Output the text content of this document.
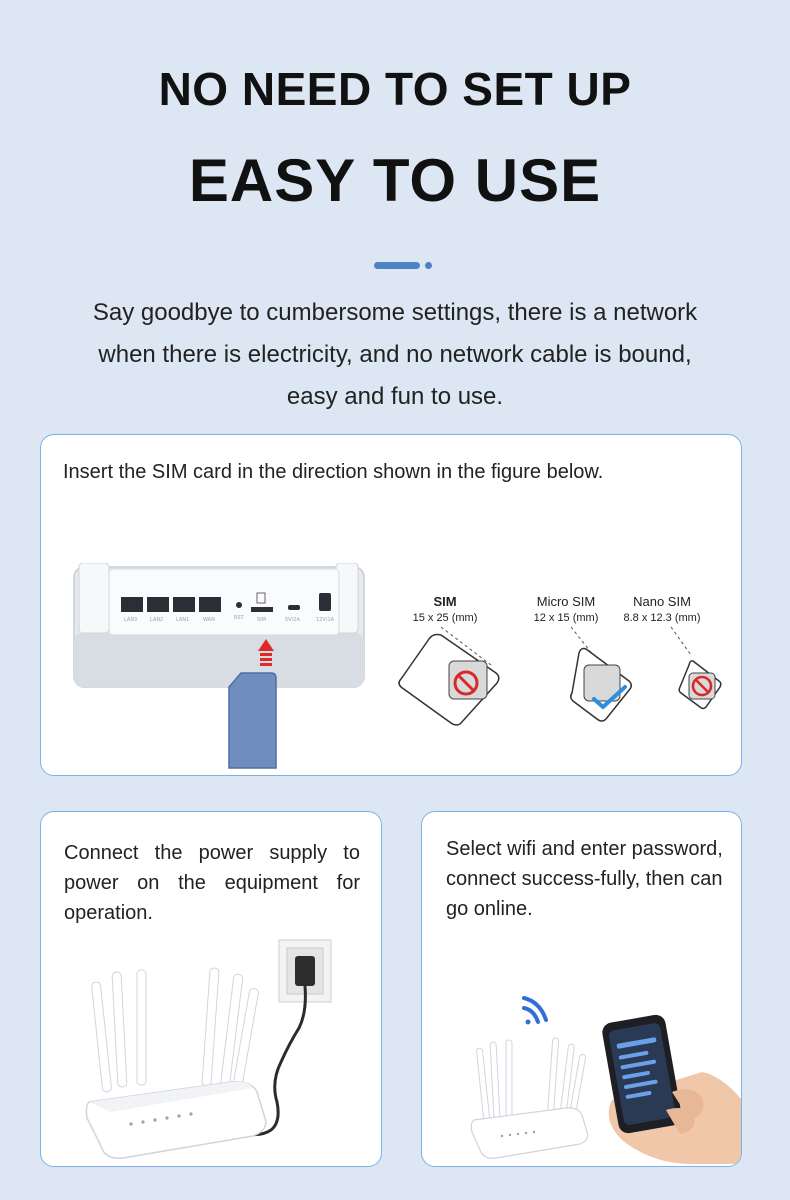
NO NEED TO SET UP
EASY TO USE
Say goodbye to cumbersome settings, there is a network
when there is electricity, and no network cable is bound,
easy and fun to use.
Insert the SIM card in the direction shown in the figure below.
LAN3	LAN2	LAN1	WAN	RST	SIM	5V/2A	12V/1A
SIM
15 x 25 (mm)
Micro SIM
12 x 15 (mm)
Nano SIM
8.8 x 12.3 (mm)
Connect the power supply to power on the equipment for operation.
Select wifi and enter password, connect success-fully, then can go online.
